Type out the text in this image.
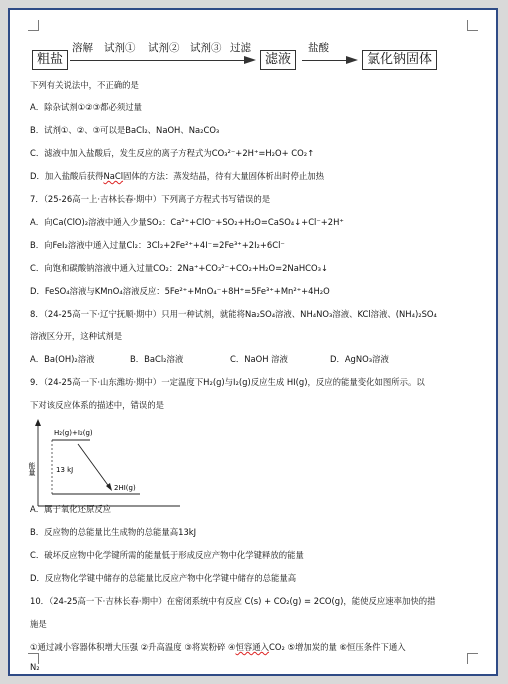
粗盐
溶解 试剂① 试剂② 试剂③ 过滤
滤液
盐酸
氯化钠固体

下列有关说法中，不正确的是

A．除杂试剂①②③都必须过量

B．试剂①、②、③可以是BaCl₂、NaOH、Na₂CO₃

C．滤液中加入盐酸后，发生反应的离子方程式为CO₃²⁻+2H⁺=H₂O+ CO₂↑

D．加入盐酸后获得NaCl固体的方法：蒸发结晶，待有大量固体析出时停止加热

7．（25-26高一上·吉林长春·期中）下列离子方程式书写错误的是

A．向Ca(ClO)₂溶液中通入少量SO₂：Ca²⁺+ClO⁻+SO₂+H₂O=CaSO₄↓+Cl⁻+2H⁺

B．向FeI₂溶液中通入过量Cl₂：3Cl₂+2Fe²⁺+4I⁻=2Fe³⁺+2I₂+6Cl⁻

C．向饱和碳酸钠溶液中通入过量CO₂：2Na⁺+CO₃²⁻+CO₂+H₂O=2NaHCO₃↓

D．FeSO₄溶液与KMnO₄溶液反应：5Fe²⁺+MnO₄⁻+8H⁺=5Fe³⁺+Mn²⁺+4H₂O

8．（24-25高一下·辽宁抚顺·期中）只用一种试剂，就能将Na₂SO₄溶液、NH₄NO₃溶液、KCl溶液、(NH₄)₂SO₄

溶液区分开，这种试剂是

A．Ba(OH)₂溶液	B．BaCl₂溶液	C．NaOH 溶液	D．AgNO₃溶液

9．（24-25高一下·山东潍坊·期中）一定温度下H₂(g)与I₂(g)反应生成 HI(g)，反应的能量变化如图所示。以

下对该反应体系的描述中，错误的是

能量
H₂(g)+I₂(g)
2HI(g)
13 kJ

A．属于氧化还原反应

B．反应物的总能量比生成物的总能量高13kJ

C．破坏反应物中化学键所需的能量低于形成反应产物中化学键释放的能量

D．反应物化学键中储存的总能量比反应产物中化学键中储存的总能量高

10．（24-25高一下·吉林长春·期中）在密闭系统中有反应 C(s) + CO₂(g) = 2CO(g)，能使反应速率加快的措

施是

①通过减小容器体积增大压强 ②升高温度 ③将炭粉碎 ④恒容通入CO₂ ⑤增加炭的量 ⑥恒压条件下通入

N₂
